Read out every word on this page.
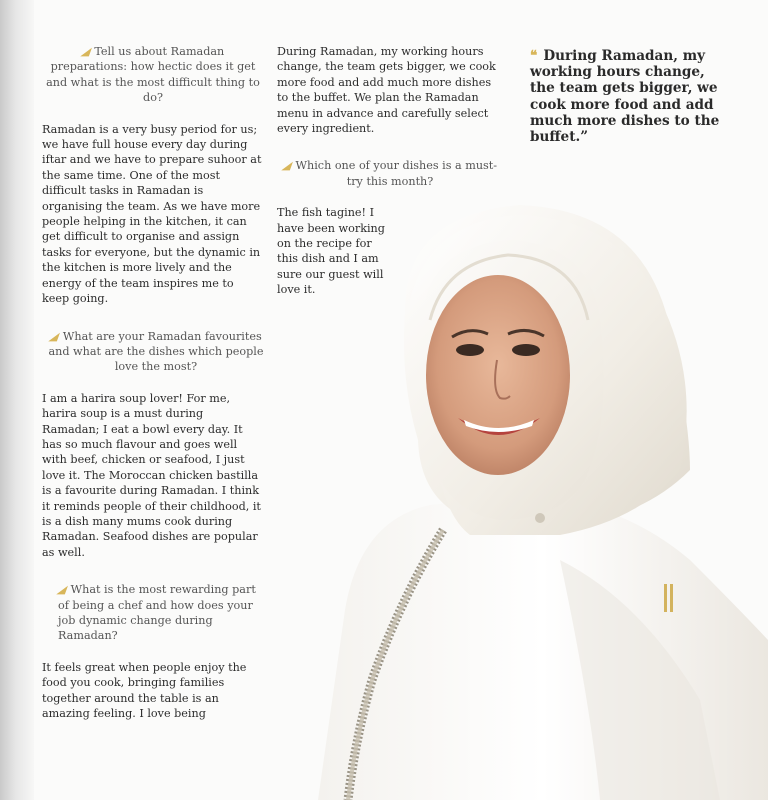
◢Tell us about Ramadan preparations: how hectic does it get and what is the most difficult thing to do?

Ramadan is a very busy period for us; we have full house every day during iftar and we have to prepare suhoor at the same time. One of the most difficult tasks in Ramadan is organising the team. As we have more people helping in the kitchen, it can get difficult to organise and assign tasks for everyone, but the dynamic in the kitchen is more lively and the energy of the team inspires me to keep going.

◢What are your Ramadan favourites and what are the dishes which people love the most?

I am a harira soup lover! For me, harira soup is a must during Ramadan; I eat a bowl every day. It has so much flavour and goes well with beef, chicken or seafood, I just love it. The Moroccan chicken bastilla is a favourite during Ramadan. I think it reminds people of their childhood, it is a dish many mums cook during Ramadan. Seafood dishes are popular as well.

◢What is the most rewarding part of being a chef and how does your job dynamic change during Ramadan?

It feels great when people enjoy the food you cook, bringing families together around the table is an amazing feeling. I love being

During Ramadan, my working hours change, the team gets bigger, we cook more food and add much more dishes to the buffet. We plan the Ramadan menu in advance and carefully select every ingredient.

◢Which one of your dishes is a must-try this month?

The fish tagine! I have been working on the recipe for this dish and I am sure our guest will love it.

❝ During Ramadan, my working hours change, the team gets bigger, we cook more food and add much more dishes to the buffet.”
